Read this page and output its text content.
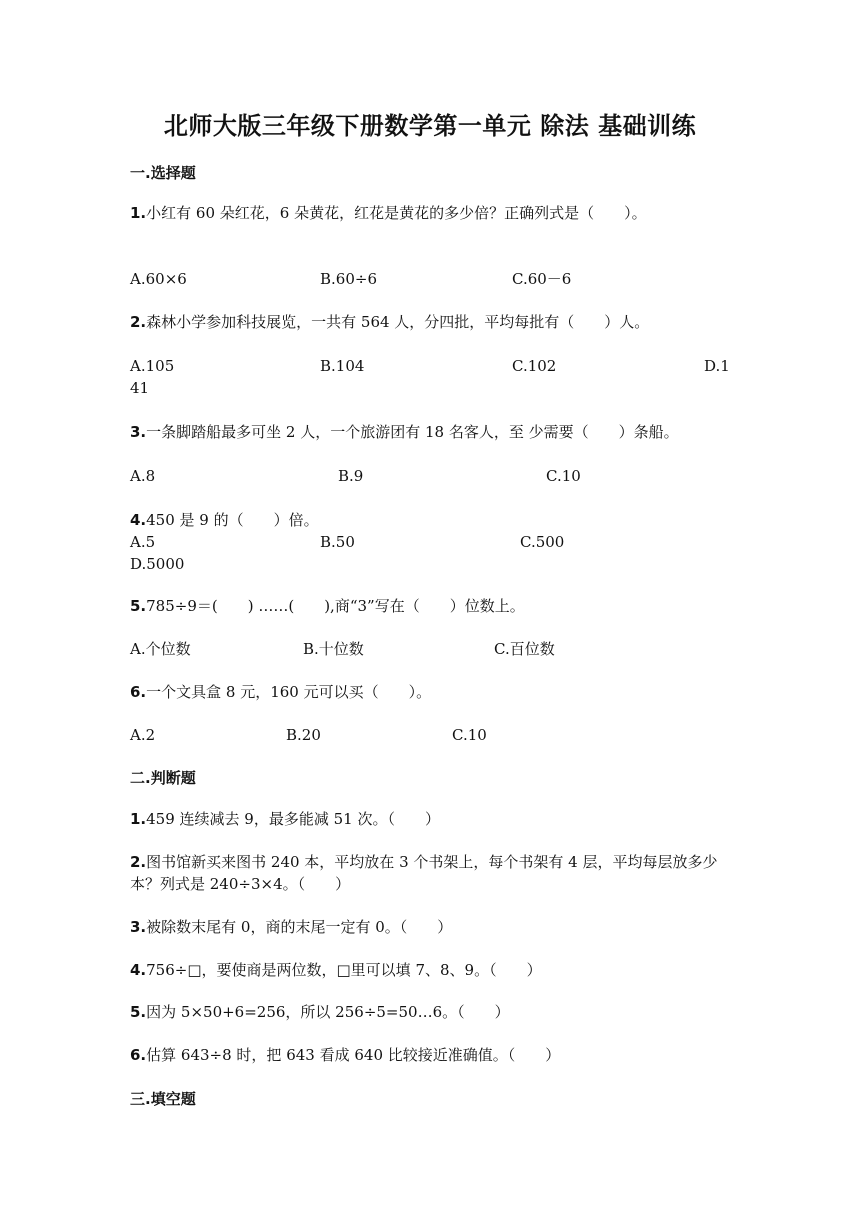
北师大版三年级下册数学第一单元 除法 基础训练
一.选择题
1.小红有 60 朵红花，6 朵黄花，红花是黄花的多少倍？正确列式是（　　）。
A.60×6	B.60÷6	C.60－6
2.森林小学参加科技展览，一共有 564 人，分四批，平均每批有（　　）人。
A.105	B.104	C.102	D.1
41
3.一条脚踏船最多可坐 2 人，一个旅游团有 18 名客人，至 少需要（　　）条船。
A.8	B.9	C.10
4.450 是 9 的（　　）倍。
A.5	B.50	C.500
D.5000
5.785÷9＝(　　) ……(　　),商“3”写在（　　）位数上。
A.个位数	B.十位数	C.百位数
6.一个文具盒 8 元，160 元可以买（　　）。
A.2	B.20	C.10
二.判断题
1.459 连续减去 9，最多能减 51 次。（　　）
2.图书馆新买来图书 240 本，平均放在 3 个书架上，每个书架有 4 层，平均每层放多少本？列式是 240÷3×4。（　　）
3.被除数末尾有 0，商的末尾一定有 0。（　　）
4.756÷□，要使商是两位数，□里可以填 7、8、9。（　　）
5.因为 5×50+6=256，所以 256÷5=50…6。（　　）
6.估算 643÷8 时，把 643 看成 640 比较接近准确值。（　　）
三.填空题
